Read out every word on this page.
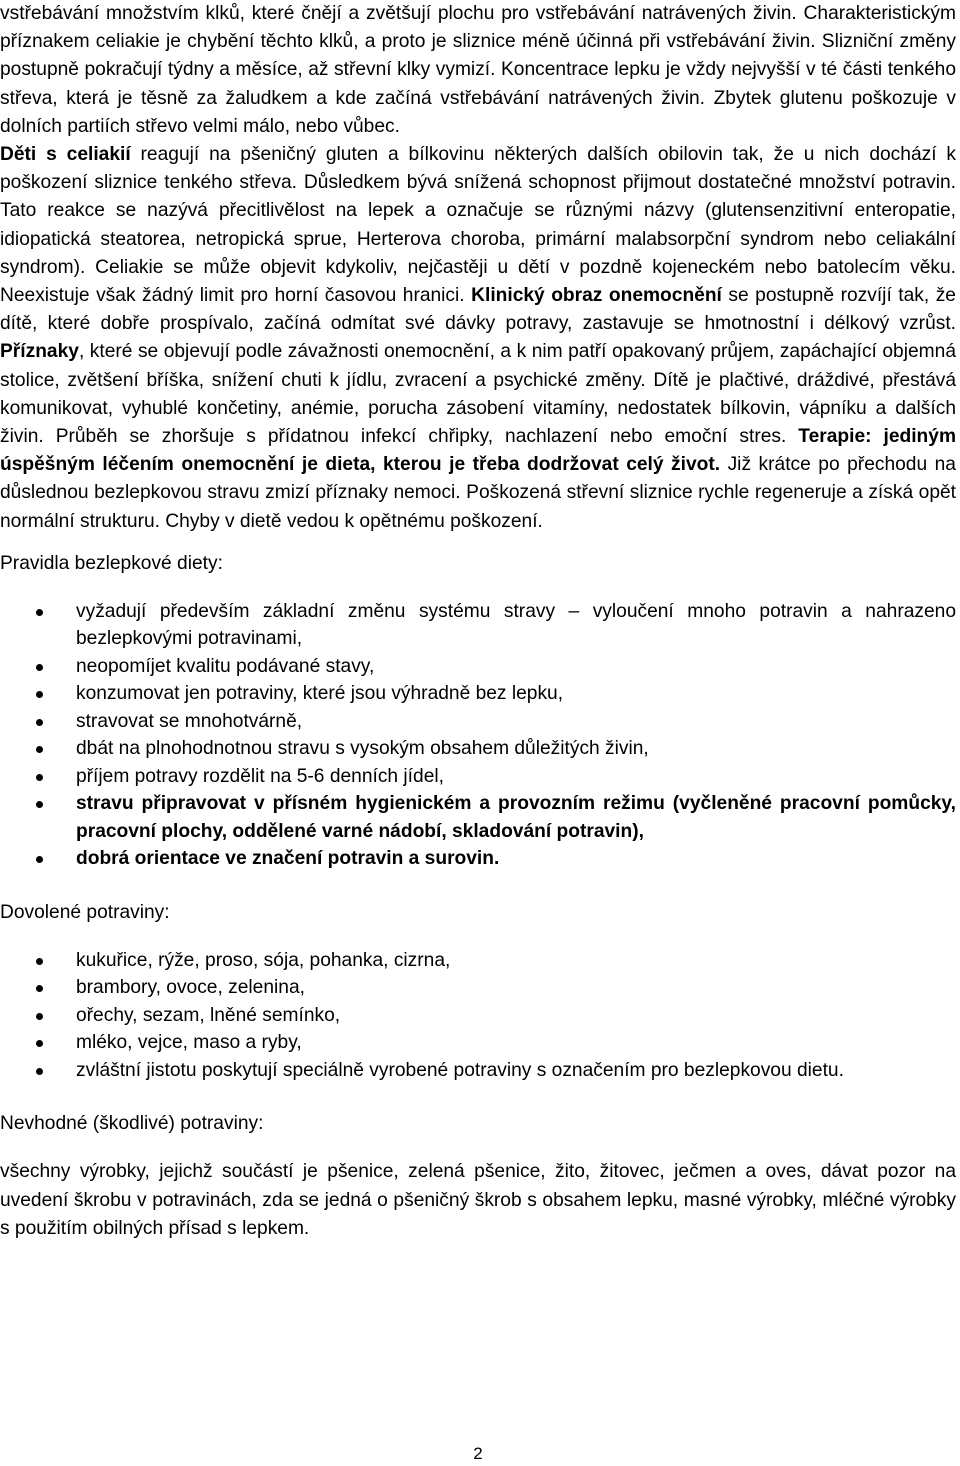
vstřebávání množstvím klků, které čnějí a zvětšují plochu pro vstřebávání natrávených živin. Charakteristickým příznakem celiakie je chybění těchto klků, a proto je sliznice méně účinná při vstřebávání živin. Slizniční změny postupně pokračují týdny a měsíce, až střevní klky vymizí. Koncentrace lepku je vždy nejvyšší v té části tenkého střeva, která je těsně za žaludkem a kde začíná vstřebávání natrávených živin. Zbytek glutenu poškozuje v dolních partiích střevo velmi málo, nebo vůbec.

Děti s celiakií reagují na pšeničný gluten a bílkovinu některých dalších obilovin tak, že u nich dochází k poškození sliznice tenkého střeva. Důsledkem bývá snížená schopnost přijmout dostatečné množství potravin. Tato reakce se nazývá přecitlivělost na lepek a označuje se různými názvy (glutensenzitivní enteropatie, idiopatická steatorea, netropická sprue, Herterova choroba, primární malabsorpční syndrom nebo celiakální syndrom). Celiakie se může objevit kdykoliv, nejčastěji u dětí v pozdně kojeneckém nebo batolecím věku. Neexistuje však žádný limit pro horní časovou hranici. Klinický obraz onemocnění se postupně rozvíjí tak, že dítě, které dobře prospívalo, začíná odmítat své dávky potravy, zastavuje se hmotnostní i délkový vzrůst. Příznaky, které se objevují podle závažnosti onemocnění, a k nim patří opakovaný průjem, zapáchající objemná stolice, zvětšení bříška, snížení chuti k jídlu, zvracení a psychické změny. Dítě je plačtivé, dráždivé, přestává komunikovat, vyhublé končetiny, anémie, porucha zásobení vitamíny, nedostatek bílkovin, vápníku a dalších živin. Průběh se zhoršuje s přídatnou infekcí chřipky, nachlazení nebo emoční stres. Terapie: jediným úspěšným léčením onemocnění je dieta, kterou je třeba dodržovat celý život. Již krátce po přechodu na důslednou bezlepkovou stravu zmizí příznaky nemoci. Poškozená střevní sliznice rychle regeneruje a získá opět normální strukturu. Chyby v dietě vedou k opětnému poškození.

Pravidla bezlepkové diety:
vyžadují především základní změnu systému stravy – vyloučení mnoho potravin a nahrazeno bezlepkovými potravinami,
neopomíjet kvalitu podávané stavy,
konzumovat jen potraviny, které jsou výhradně bez lepku,
stravovat se mnohotvárně,
dbát na plnohodnotnou stravu s vysokým obsahem důležitých živin,
příjem potravy rozdělit na 5-6 denních jídel,
stravu připravovat v přísném hygienickém a provozním režimu (vyčleněné pracovní pomůcky, pracovní plochy, oddělené varné nádobí, skladování potravin),
dobrá orientace ve značení potravin a surovin.
Dovolené potraviny:
kukuřice, rýže, proso, sója, pohanka, cizrna,
brambory, ovoce, zelenina,
ořechy, sezam, lněné semínko,
mléko, vejce, maso a ryby,
zvláštní jistotu poskytují speciálně vyrobené potraviny s označením pro bezlepkovou dietu.
Nevhodné (škodlivé) potraviny:

všechny výrobky, jejichž součástí je pšenice, zelená pšenice, žito, žitovec, ječmen a oves, dávat pozor na uvedení škrobu v potravinách, zda se jedná o pšeničný škrob s obsahem lepku, masné výrobky, mléčné výrobky s použitím obilných přísad s lepkem.

2
